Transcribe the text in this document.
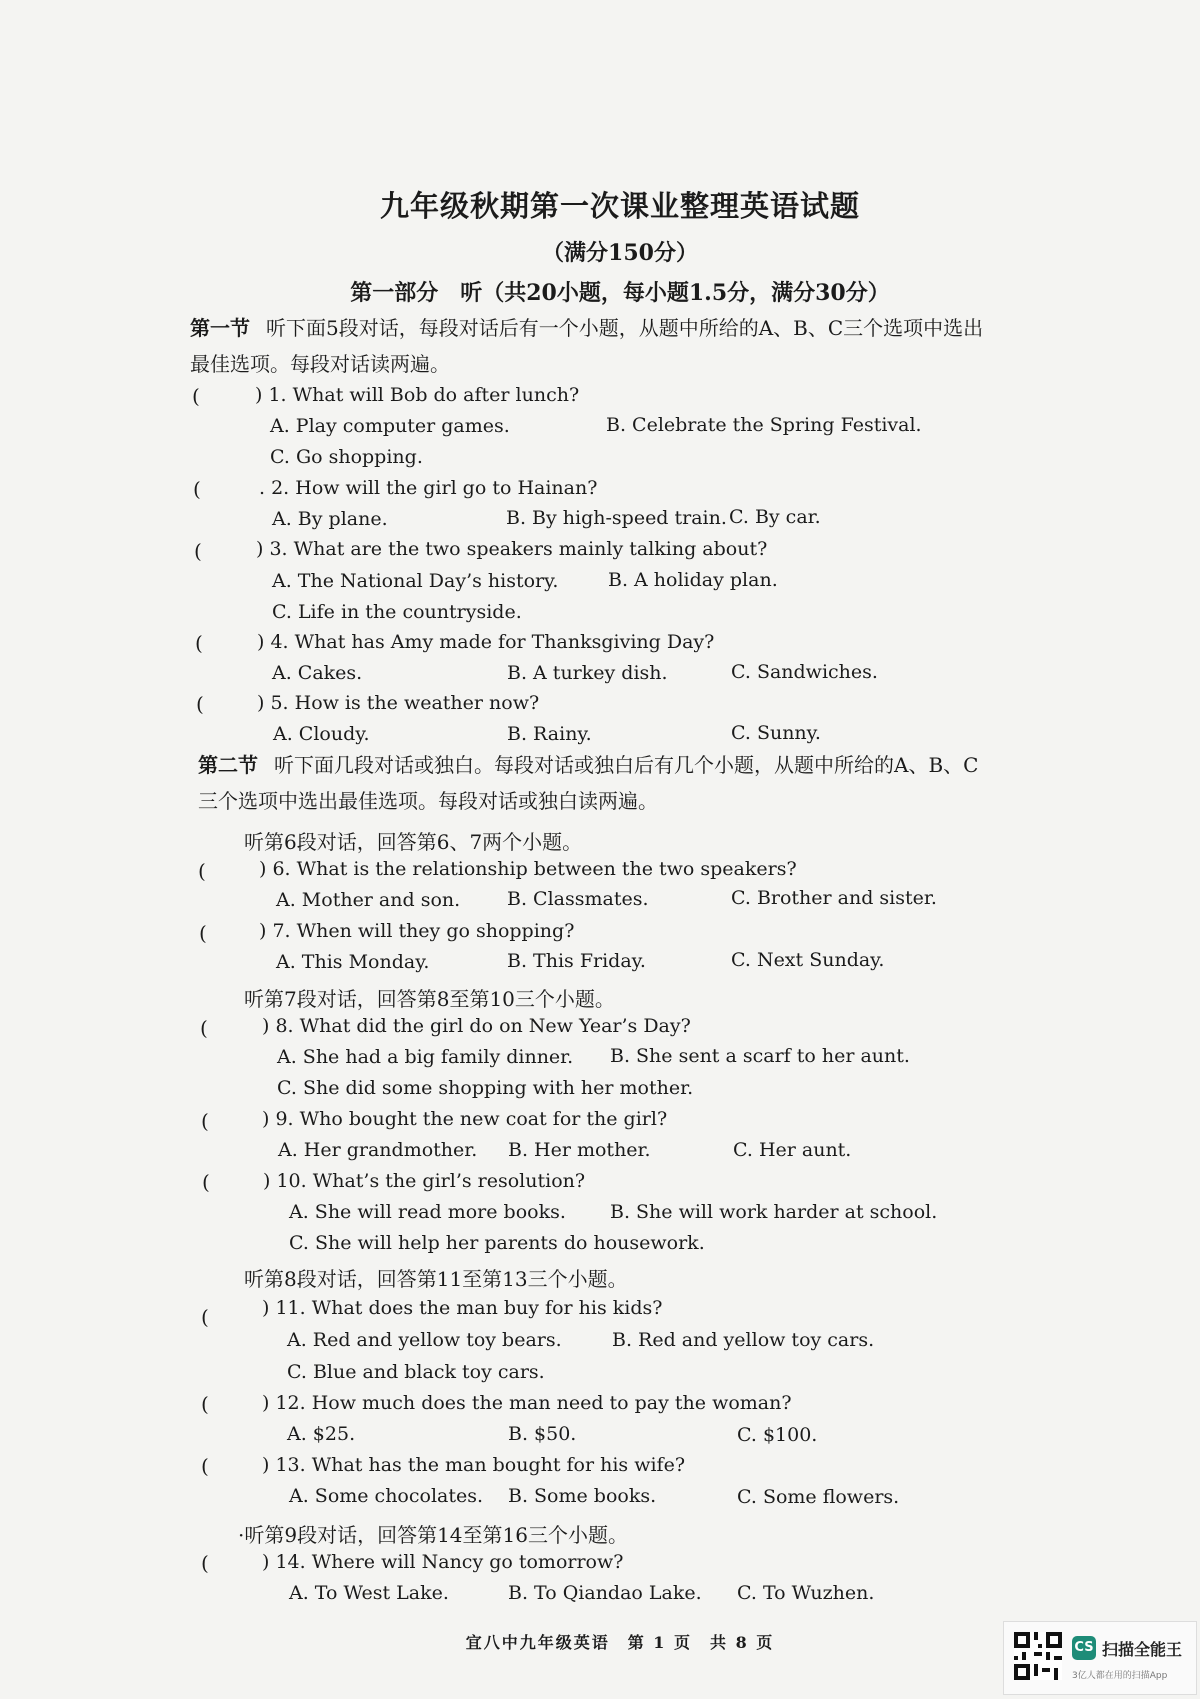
九年级秋期第一次课业整理英语试题
（满分150分）
第一部分　听（共20小题，每小题1.5分，满分30分）
第一节 听下面5段对话，每段对话后有一个小题，从题中所给的A、B、C三个选项中选出
最佳选项。每段对话读两遍。
第二节 听下面几段对话或独白。每段对话或独白后有几个小题，从题中所给的A、B、C
三个选项中选出最佳选项。每段对话或独白读两遍。
听第6段对话，回答第6、7两个小题。
听第7段对话，回答第8至第10三个小题。
听第8段对话，回答第11至第13三个小题。
·听第9段对话，回答第14至第16三个小题。
(	) 1. What will Bob do after lunch?
A. Play computer games.	B. Celebrate the Spring Festival.
C. Go shopping.
(	. 2. How will the girl go to Hainan?
A. By plane.	B. By high-speed train. C. By car.
(	) 3. What are the two speakers mainly talking about?
A. The National Day’s history.	B. A holiday plan.
C. Life in the countryside.
(	) 4. What has Amy made for Thanksgiving Day?
A. Cakes.	B. A turkey dish.	C. Sandwiches.
(	) 5. How is the weather now?
A. Cloudy.	B. Rainy.	C. Sunny.
(	) 6. What is the relationship between the two speakers?
A. Mother and son. B. Classmates.	C. Brother and sister.
(	) 7. When will they go shopping?
A. This Monday.	B. This Friday.	C. Next Sunday.
(	) 8. What did the girl do on New Year’s Day?
A. She had a big family dinner. B. She sent a scarf to her aunt.
C. She did some shopping with her mother.
(	) 9. Who bought the new coat for the girl?
A. Her grandmother. B. Her mother.	C. Her aunt.
(	) 10. What’s the girl’s resolution?
A. She will read more books. B. She will work harder at school.
C. She will help her parents do housework.
(	) 11. What does the man buy for his kids?
A. Red and yellow toy bears.	B. Red and yellow toy cars.
C. Blue and black toy cars.
(	) 12. How much does the man need to pay the woman?
A. $25.	B. $50.	C. $100.
(	) 13. What has the man bought for his wife?
A. Some chocolates. B. Some books.	C. Some flowers.
(	) 14. Where will Nancy go tomorrow?
A. To West Lake.	B. To Qiandao Lake. C. To Wuzhen.
宜八中九年级英语　第 1 页　共 8 页	CS 扫描全能王
3亿人都在用的扫描App
